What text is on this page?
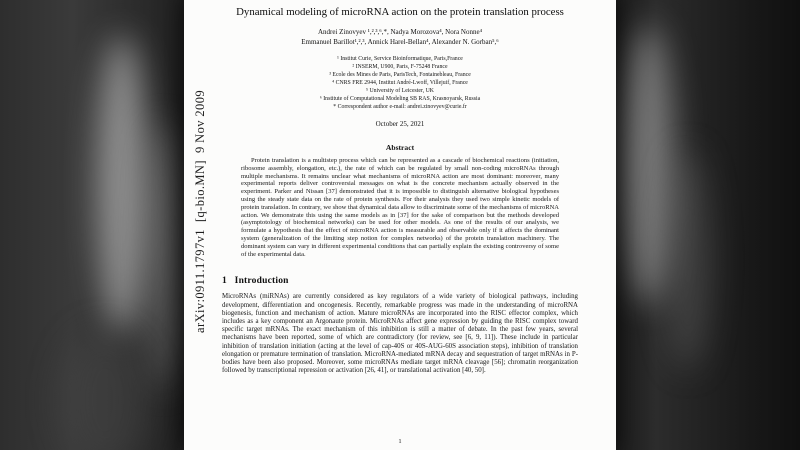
arXiv:0911.1797v1  [q-bio.MN]  9 Nov 2009
Dynamical modeling of microRNA action on the protein translation process
Andrei Zinovyev ¹,²,³,⁶,*, Nadya Morozova⁴, Nora Nonne⁴
Emmanuel Barillot¹,²,³, Annick Harel-Bellan⁴, Alexander N. Gorban⁵,⁶
¹ Institut Curie, Service Bioinformatique, Paris,France
² INSERM, U900, Paris, F-75248 France
³ Ecole des Mines de Paris, ParisTech, Fontainebleau, France
⁴ CNRS FRE 2944, Institut André-Lwoff, Villejuif, France
⁵ University of Leicester, UK
⁶ Institute of Computational Modeling SB RAS, Krasnoyarsk, Russia
* Correspondent author e-mail: andrei.zinovyev@curie.fr
October 25, 2021
Abstract

Protein translation is a multistep process which can be represented as a cascade of biochemical reactions (initiation, ribosome assembly, elongation, etc.), the rate of which can be regulated by small non-coding microRNAs through multiple mechanisms. It remains unclear what mechanisms of microRNA action are most dominant: moreover, many experimental reports deliver controversial messages on what is the concrete mechanism actually observed in the experiment. Parker and Nissan [37] demonstrated that it is impossible to distinguish alternative biological hypotheses using the steady state data on the rate of protein synthesis. For their analysis they used two simple kinetic models of protein translation. In contrary, we show that dynamical data allow to discriminate some of the mechanisms of microRNA action. We demonstrate this using the same models as in [37] for the sake of comparison but the methods developed (asymptotology of biochemical networks) can be used for other models. As one of the results of our analysis, we formulate a hypothesis that the effect of microRNA action is measurable and observable only if it affects the dominant system (generalization of the limiting step notion for complex networks) of the protein translation machinery. The dominant system can vary in different experimental conditions that can partially explain the existing controversy of some of the experimental data.

1   Introduction

MicroRNAs (miRNAs) are currently considered as key regulators of a wide variety of biological pathways, including development, differentiation and oncogenesis. Recently, remarkable progress was made in the understanding of microRNA biogenesis, function and mechanism of action. Mature microRNAs are incorporated into the RISC effector complex, which includes as a key component an Argonaute protein. MicroRNAs affect gene expression by guiding the RISC complex toward specific target mRNAs. The exact mechanism of this inhibition is still a matter of debate. In the past few years, several mechanisms have been reported, some of which are contradictory (for review, see [6, 9, 11]). These include in particular inhibition of translation initiation (acting at the level of cap-40S or 40S-AUG-60S association steps), inhibition of translation elongation or premature termination of translation. MicroRNA-mediated mRNA decay and sequestration of target mRNAs in P-bodies have been also proposed. Moreover, some microRNAs mediate target mRNA cleavage [56]; chromatin reorganization followed by transcriptional repression or activation [26, 41], or translational activation [40, 50].

1
